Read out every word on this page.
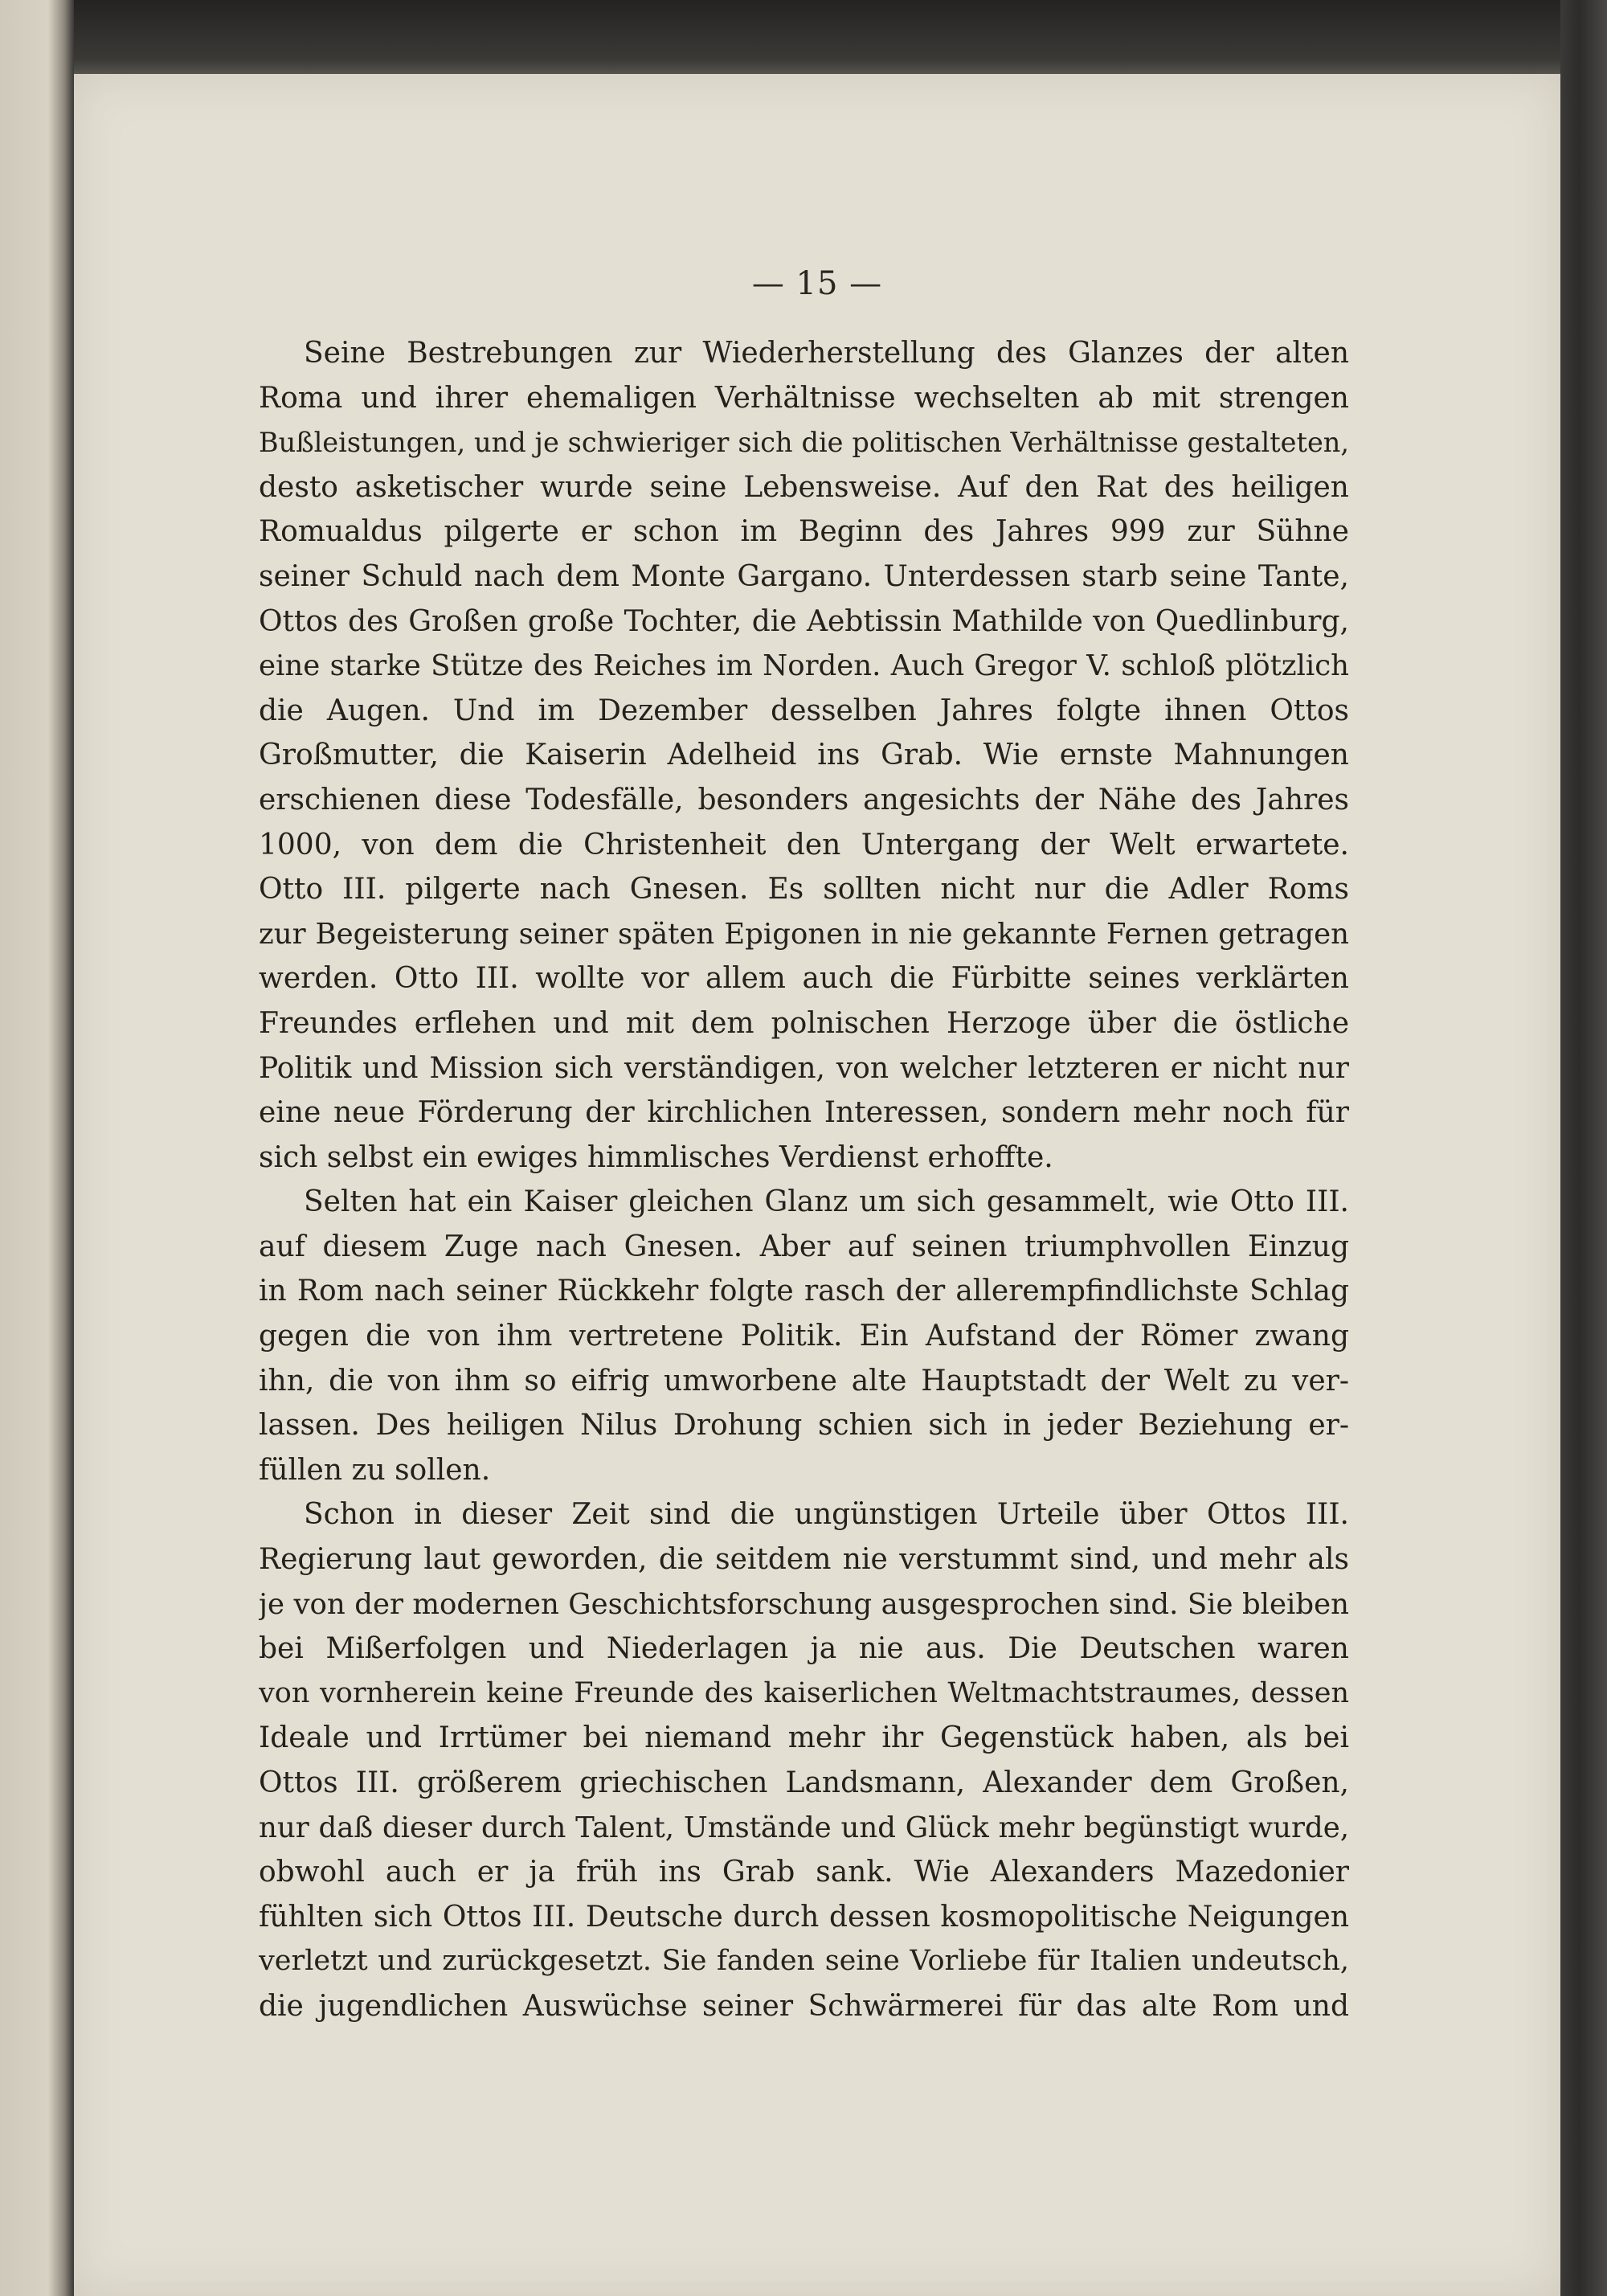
— 15 —
Seine Bestrebungen zur Wiederherstellung des Glanzes der alten
Roma und ihrer ehemaligen Verhältnisse wechselten ab mit strengen
Bußleistungen, und je schwieriger sich die politischen Verhältnisse gestalteten,
desto asketischer wurde seine Lebensweise. Auf den Rat des heiligen
Romualdus pilgerte er schon im Beginn des Jahres 999 zur Sühne
seiner Schuld nach dem Monte Gargano. Unterdessen starb seine Tante,
Ottos des Großen große Tochter, die Aebtissin Mathilde von Quedlinburg,
eine starke Stütze des Reiches im Norden. Auch Gregor V. schloß plötzlich
die Augen. Und im Dezember desselben Jahres folgte ihnen Ottos
Großmutter, die Kaiserin Adelheid ins Grab. Wie ernste Mahnungen
erschienen diese Todesfälle, besonders angesichts der Nähe des Jahres
1000, von dem die Christenheit den Untergang der Welt erwartete.
Otto III. pilgerte nach Gnesen. Es sollten nicht nur die Adler Roms
zur Begeisterung seiner späten Epigonen in nie gekannte Fernen getragen
werden. Otto III. wollte vor allem auch die Fürbitte seines verklärten
Freundes erflehen und mit dem polnischen Herzoge über die östliche
Politik und Mission sich verständigen, von welcher letzteren er nicht nur
eine neue Förderung der kirchlichen Interessen, sondern mehr noch für
sich selbst ein ewiges himmlisches Verdienst erhoffte.
Selten hat ein Kaiser gleichen Glanz um sich gesammelt, wie Otto III.
auf diesem Zuge nach Gnesen. Aber auf seinen triumphvollen Einzug
in Rom nach seiner Rückkehr folgte rasch der allerempfindlichste Schlag
gegen die von ihm vertretene Politik. Ein Aufstand der Römer zwang
ihn, die von ihm so eifrig umworbene alte Hauptstadt der Welt zu ver-
lassen. Des heiligen Nilus Drohung schien sich in jeder Beziehung er-
füllen zu sollen.
Schon in dieser Zeit sind die ungünstigen Urteile über Ottos III.
Regierung laut geworden, die seitdem nie verstummt sind, und mehr als
je von der modernen Geschichtsforschung ausgesprochen sind. Sie bleiben
bei Mißerfolgen und Niederlagen ja nie aus. Die Deutschen waren
von vornherein keine Freunde des kaiserlichen Weltmachtstraumes, dessen
Ideale und Irrtümer bei niemand mehr ihr Gegenstück haben, als bei
Ottos III. größerem griechischen Landsmann, Alexander dem Großen,
nur daß dieser durch Talent, Umstände und Glück mehr begünstigt wurde,
obwohl auch er ja früh ins Grab sank. Wie Alexanders Mazedonier
fühlten sich Ottos III. Deutsche durch dessen kosmopolitische Neigungen
verletzt und zurückgesetzt. Sie fanden seine Vorliebe für Italien undeutsch,
die jugendlichen Auswüchse seiner Schwärmerei für das alte Rom und
